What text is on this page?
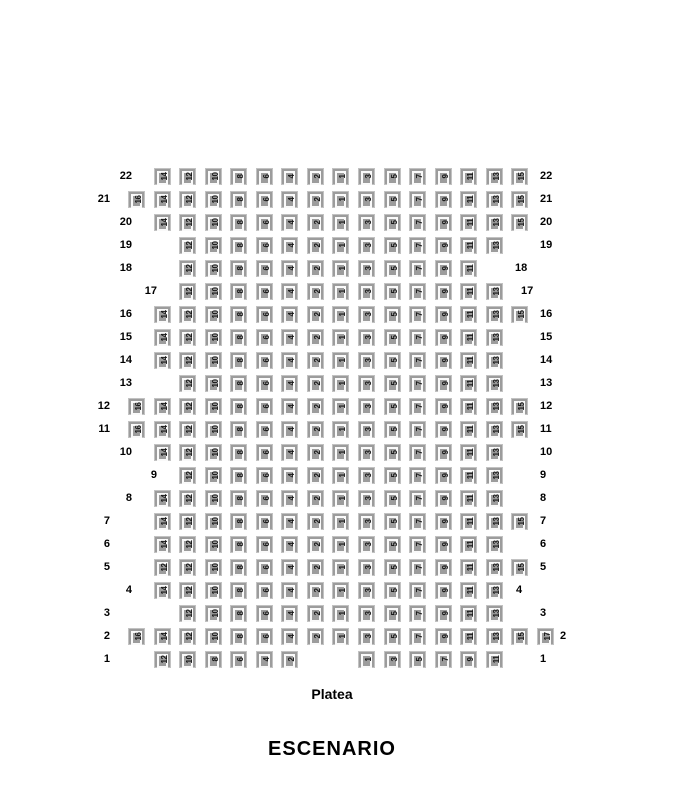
Platea
ESCENARIO
22	14	12	10	8	6	4	2	1	3	5	7	9	11	13	15 22
21	16	14	12	10	8	6	4	2	1	3	5	7	9	11	13	15 21
20	14	12	10	8	6	4	2	1	3	5	7	9	11	13	15 20
19	12	10	8	6	4	2	1	3	5	7	9	11	13	19
18	12	10	8	6	4	2	1	3	5	7	9	11	18
17	12	10	8	6	4	2	1	3	5	7	9	11	13 17
16	14	12	10	8	6	4	2	1	3	5	7	9	11	13	15 16
15	14	12	10	8	6	4	2	1	3	5	7	9	11	13	15
14	14	12	10	8	6	4	2	1	3	5	7	9	11	13	14
13	12	10	8	6	4	2	1	3	5	7	9	11	13	13
12	16	14	12	10	8	6	4	2	1	3	5	7	9	11	13	15 12
11	16	14	12	10	8	6	4	2	1	3	5	7	9	11	13	15 11
10	14	12	10	8	6	4	2	1	3	5	7	9	11	13	10
9	12	10	8	6	4	2	1	3	5	7	9	11	13	9
8	14	12	10	8	6	4	2	1	3	5	7	9	11	13	8
7	14	12	10	8	6	4	2	1	3	5	7	9	11	13	15 7
6	14	12	10	8	6	4	2	1	3	5	7	9	11	13	6
5	12	12	10	8	6	4	2	1	3	5	7	9	11	13	15 5
4	14	12	10	8	6	4	2	1	3	5	7	9	11	13 4
3	12	10	8	6	4	2	1	3	5	7	9	11	13	3
2	16	14	12	10	8	6	4	2	1	3	5	7	9	11	13	15	17 2
1	12	10	8	6	4	2	1	3	5	7	9	11	1
